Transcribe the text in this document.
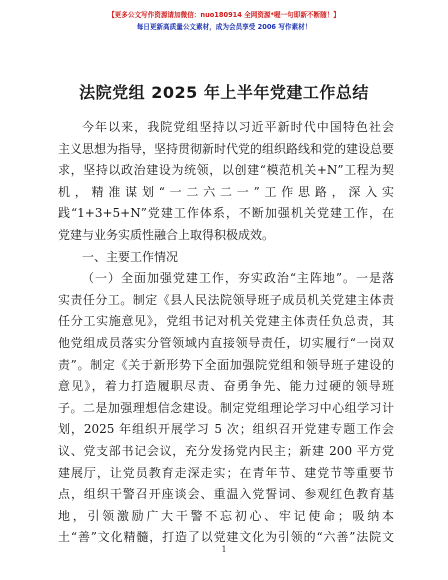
【更多公文写作资源请加微信：nuo180914 全网资源*喔一句即新不断随！】
每日更新高质量公文素材，成为会员享受 2006 写作素材！
法院党组 2025 年上半年党建工作总结
今年以来，我院党组坚持以习近平新时代中国特色社会
主义思想为指导，坚持贯彻新时代党的组织路线和党的建设总要
求，坚持以政治建设为统领，以创建“模范机关+N”工程为契
机，精准谋划“一二六二一”工作思路，深入实
践“1+3+5+N”党建工作体系，不断加强机关党建工作，在
党建与业务实质性融合上取得积极成效。
一、主要工作情况
（一）全面加强党建工作，夯实政治“主阵地”。一是落
实责任分工。制定《县人民法院领导班子成员机关党建主体责
任分工实施意见》，党组书记对机关党建主体责任负总责，其
他党组成员落实分管领域内直接领导责任，切实履行“一岗双
责”。制定《关于新形势下全面加强院党组和领导班子建设的
意见》，着力打造履职尽责、奋勇争先、能力过硬的领导班
子。二是加强理想信念建设。制定党组理论学习中心组学习计
划，2025 年组织开展学习 5 次；组织召开党建专题工作会
议、党支部书记会议，充分发扬党内民主；新建 200 平方党
建展厅，让党员教育走深走实；在青年节、建党节等重要节
点，组织干警召开座谈会、重温入党誓词、参观红色教育基
地，引领激励广大干警不忘初心、牢记使命；吸纳本
土“善”文化精髓，打造了以党建文化为引领的“六善”法院文
1
